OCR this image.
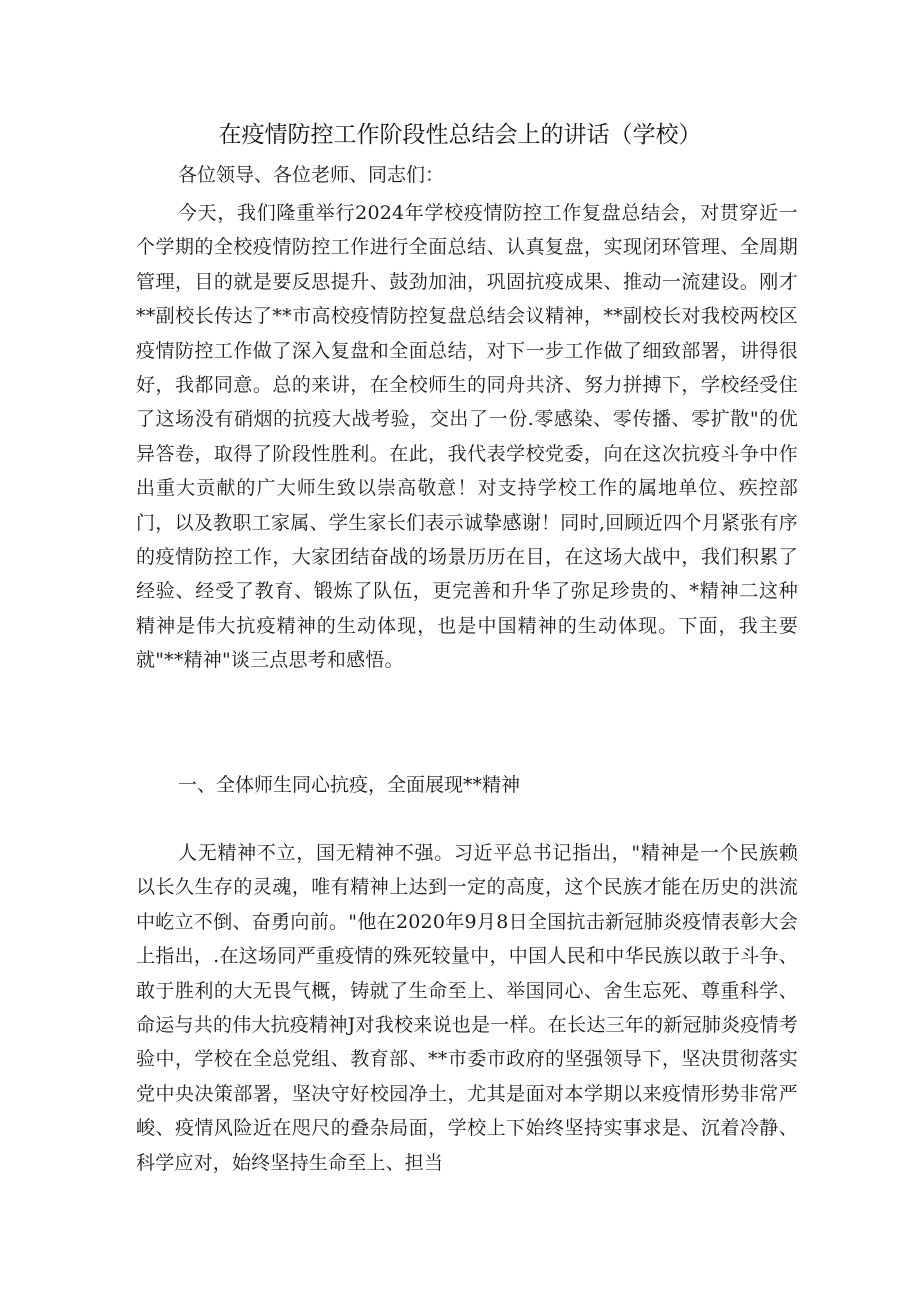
在疫情防控工作阶段性总结会上的讲话（学校）

各位领导、各位老师、同志们：

今天，我们隆重举行2024年学校疫情防控工作复盘总结会，对贯穿近一个学期的全校疫情防控工作进行全面总结、认真复盘，实现闭环管理、全周期管理，目的就是要反思提升、鼓劲加油，巩固抗疫成果、推动一流建设。刚才**副校长传达了**市高校疫情防控复盘总结会议精神，**副校长对我校两校区疫情防控工作做了深入复盘和全面总结，对下一步工作做了细致部署，讲得很好，我都同意。总的来讲，在全校师生的同舟共济、努力拼搏下，学校经受住了这场没有硝烟的抗疫大战考验，交出了一份.零感染、零传播、零扩散"的优异答卷，取得了阶段性胜利。在此，我代表学校党委，向在这次抗疫斗争中作出重大贡献的广大师生致以崇高敬意！对支持学校工作的属地单位、疾控部门，以及教职工家属、学生家长们表示诚挚感谢！同时,回顾近四个月紧张有序的疫情防控工作，大家团结奋战的场景历历在目，在这场大战中，我们积累了经验、经受了教育、锻炼了队伍，更完善和升华了弥足珍贵的、*精神二这种精神是伟大抗疫精神的生动体现，也是中国精神的生动体现。下面，我主要就"**精神"谈三点思考和感悟。

一、全体师生同心抗疫，全面展现**精神

人无精神不立，国无精神不强。习近平总书记指出，"精神是一个民族赖以长久生存的灵魂，唯有精神上达到一定的高度，这个民族才能在历史的洪流中屹立不倒、奋勇向前。"他在2020年9月8日全国抗击新冠肺炎疫情表彰大会上指出，.在这场同严重疫情的殊死较量中，中国人民和中华民族以敢于斗争、敢于胜利的大无畏气概，铸就了生命至上、举国同心、舍生忘死、尊重科学、命运与共的伟大抗疫精神J对我校来说也是一样。在长达三年的新冠肺炎疫情考验中，学校在全总党组、教育部、**市委市政府的坚强领导下，坚决贯彻落实党中央决策部署，坚决守好校园净土，尤其是面对本学期以来疫情形势非常严峻、疫情风险近在咫尺的叠杂局面，学校上下始终坚持实事求是、沉着冷静、科学应对，始终坚持生命至上、担当
